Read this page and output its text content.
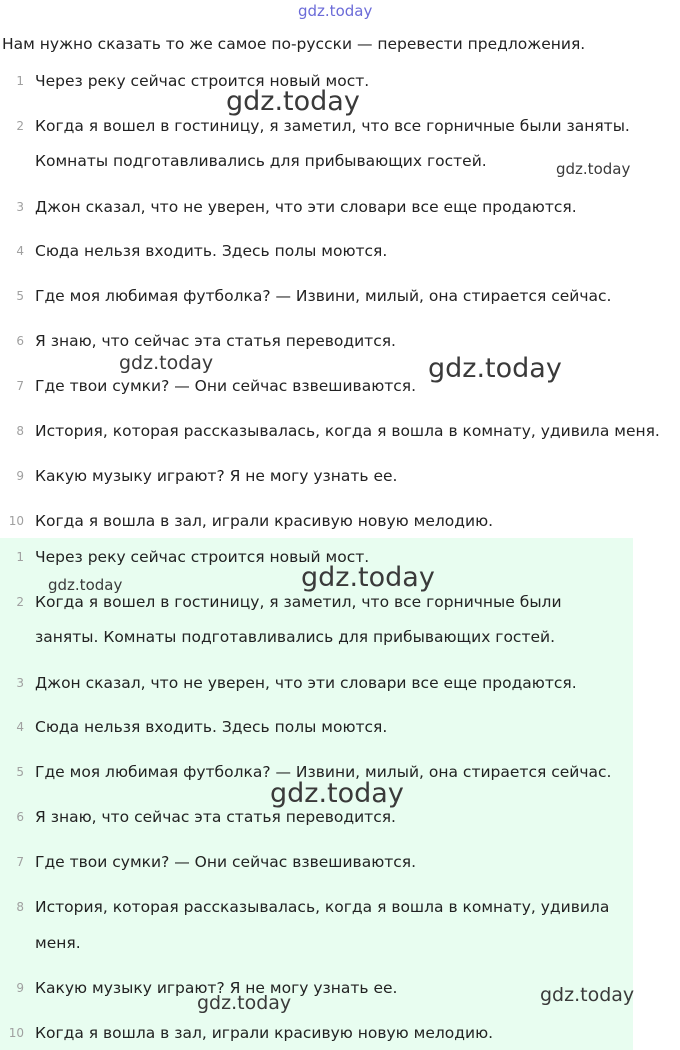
gdz.today
Нам нужно сказать то же самое по-русски — перевести предложения.
1 Через реку сейчас строится новый мост.
2 Когда я вошел в гостиницу, я заметил, что все горничные были заняты.
Комнаты подготавливались для прибывающих гостей.
3 Джон сказал, что не уверен, что эти словари все еще продаются.
4 Сюда нельзя входить. Здесь полы моются.
5 Где моя любимая футболка? — Извини, милый, она стирается сейчас.
6 Я знаю, что сейчас эта статья переводится.
7 Где твои сумки? — Они сейчас взвешиваются.
8 История, которая рассказывалась, когда я вошла в комнату, удивила меня.
9 Какую музыку играют? Я не могу узнать ее.
10 Когда я вошла в зал, играли красивую новую мелодию.
1 Через реку сейчас строится новый мост.
2 Когда я вошел в гостиницу, я заметил, что все горничные были
заняты. Комнаты подготавливались для прибывающих гостей.
3 Джон сказал, что не уверен, что эти словари все еще продаются.
4 Сюда нельзя входить. Здесь полы моются.
5 Где моя любимая футболка? — Извини, милый, она стирается сейчас.
6 Я знаю, что сейчас эта статья переводится.
7 Где твои сумки? — Они сейчас взвешиваются.
8 История, которая рассказывалась, когда я вошла в комнату, удивила
меня.
9 Какую музыку играют? Я не могу узнать ее.
10 Когда я вошла в зал, играли красивую новую мелодию.
gdz.today
gdz.today
gdz.today	gdz.today
gdz.today
gdz.today
gdz.today
gdz.today
gdz.today
